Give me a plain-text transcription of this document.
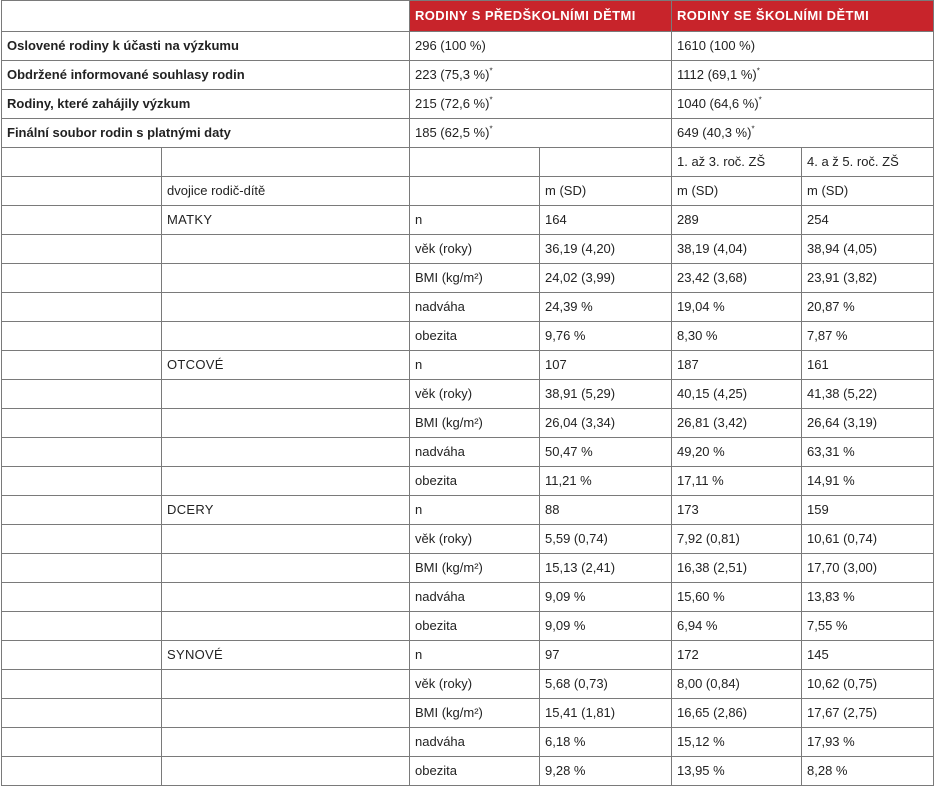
		RODINY S PŘEDŠKOLNÍMI DĚTMI		RODINY SE ŠKOLNÍMI DĚTMI	
Oslovené rodiny k účasti na výzkumu		296 (100 %)		1610 (100 %)	
Obdržené informované souhlasy rodin		223 (75,3 %)*		1112 (69,1 %)*
Rodiny, které zahájily výzkum		215 (72,6 %)*		1040 (64,6 %)*
Finální soubor rodin s platnými daty		185 (62,5 %)*		649 (40,3 %)*
				1. až 3. roč. ZŠ	4. a ž 5. roč. ZŠ
	dvojice rodič-dítě		m (SD)	m (SD)	m (SD)
	MATKY	n	164	289	254
		věk (roky)	36,19 (4,20)	38,19 (4,04)	38,94 (4,05)
		BMI (kg/m²)	24,02 (3,99)	23,42 (3,68)	23,91 (3,82)
		nadváha	24,39 %	19,04 %	20,87 %
		obezita	9,76 %	8,30 %	7,87 %
	OTCOVÉ	n	107	187	161
		věk (roky)	38,91 (5,29)	40,15 (4,25)	41,38 (5,22)
		BMI (kg/m²)	26,04 (3,34)	26,81 (3,42)	26,64 (3,19)
		nadváha	50,47 %	49,20 %	63,31 %
		obezita	11,21 %	17,11 %	14,91 %
	DCERY	n	88	173	159
		věk (roky)	5,59 (0,74)	7,92 (0,81)	10,61 (0,74)
		BMI (kg/m²)	15,13 (2,41)	16,38 (2,51)	17,70 (3,00)
		nadváha	9,09 %	15,60 %	13,83 %
		obezita	9,09 %	6,94 %	7,55 %
	SYNOVÉ	n	97	172	145
		věk (roky)	5,68 (0,73)	8,00 (0,84)	10,62 (0,75)
		BMI (kg/m²)	15,41 (1,81)	16,65 (2,86)	17,67 (2,75)
		nadváha	6,18 %	15,12 %	17,93 %
		obezita	9,28 %	13,95 %	8,28 %
